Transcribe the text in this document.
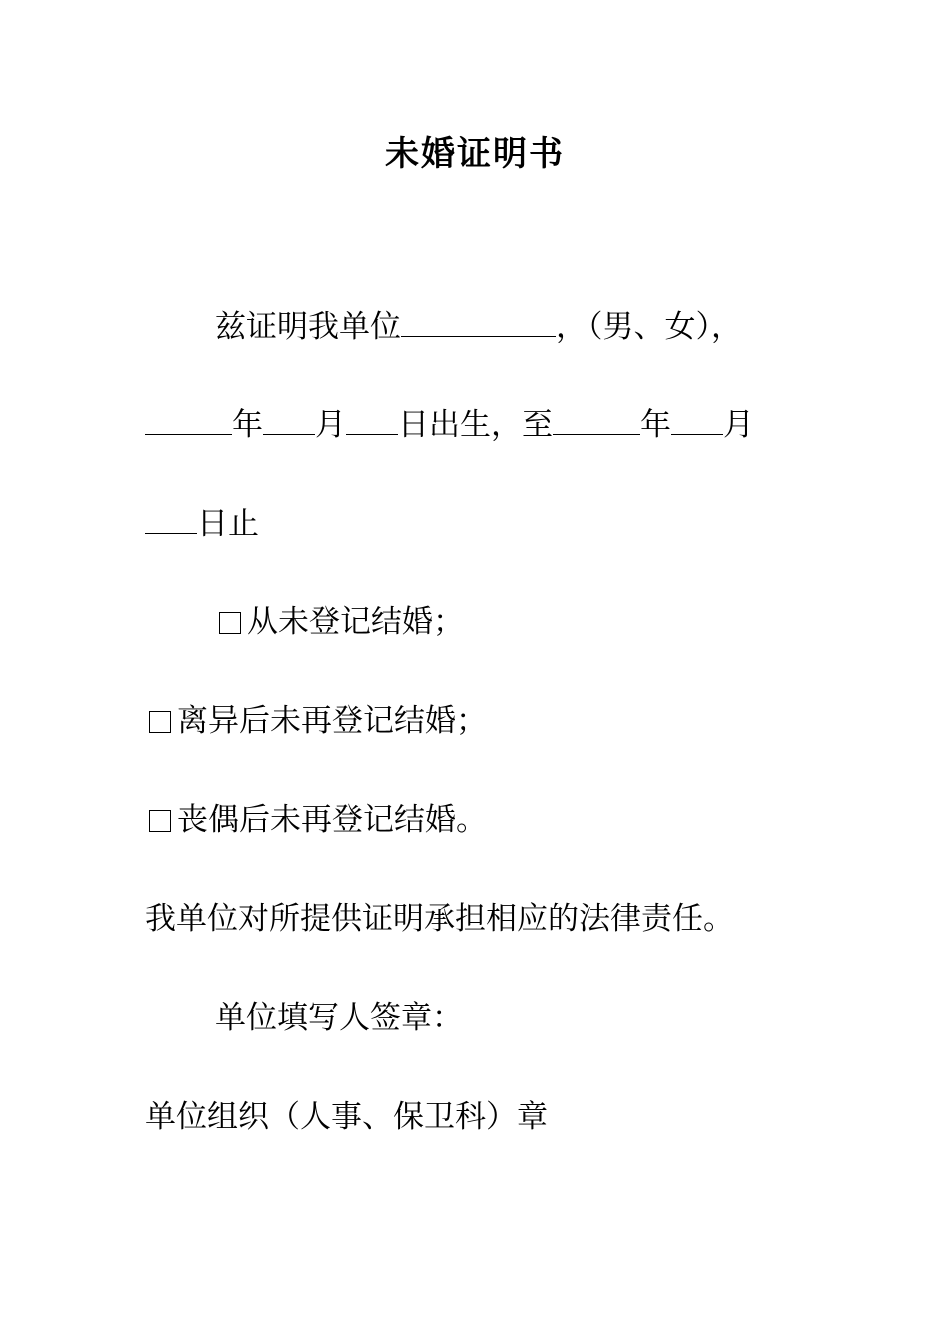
未婚证明书
兹证明我单位	，（男、女），
年 月 日出生，至	年 月
日止
从未登记结婚；
离异后未再登记结婚；
丧偶后未再登记结婚。
我单位对所提供证明承担相应的法律责任。
单位填写人签章：
单位组织（人事、保卫科）章
